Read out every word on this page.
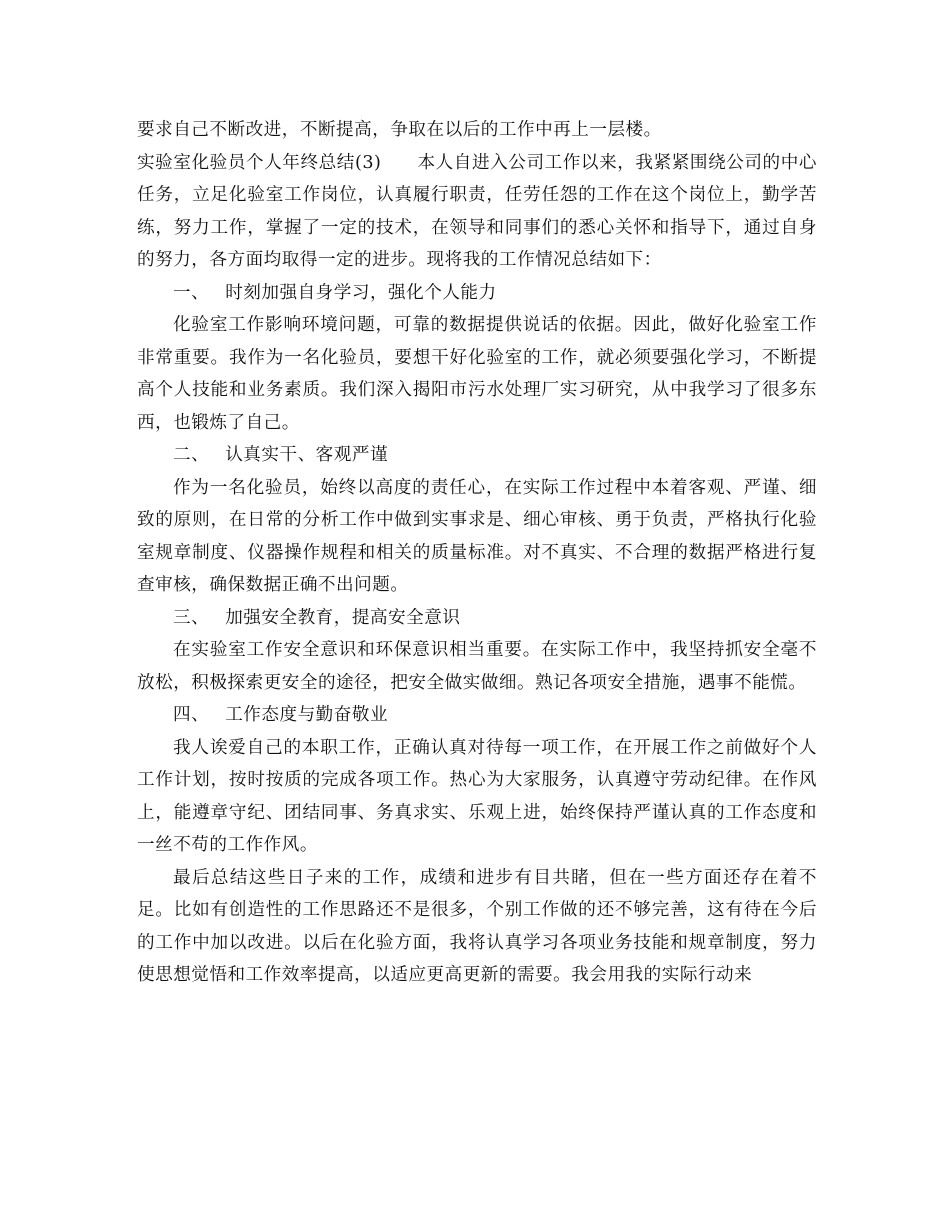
要求自己不断改进，不断提高，争取在以后的工作中再上一层楼。

实验室化验员个人年终总结(3) 本人自进入公司工作以来，我紧紧围绕公司的中心任务，立足化验室工作岗位，认真履行职责，任劳任怨的工作在这个岗位上，勤学苦练，努力工作，掌握了一定的技术，在领导和同事们的悉心关怀和指导下，通过自身的努力，各方面均取得一定的进步。现将我的工作情况总结如下：

一、 时刻加强自身学习，强化个人能力

化验室工作影响环境问题，可靠的数据提供说话的依据。因此，做好化验室工作非常重要。我作为一名化验员，要想干好化验室的工作，就必须要强化学习，不断提高个人技能和业务素质。我们深入揭阳市污水处理厂实习研究，从中我学习了很多东西，也锻炼了自己。

二、 认真实干、客观严谨

作为一名化验员，始终以高度的责任心，在实际工作过程中本着客观、严谨、细致的原则，在日常的分析工作中做到实事求是、细心审核、勇于负责，严格执行化验室规章制度、仪器操作规程和相关的质量标准。对不真实、不合理的数据严格进行复查审核，确保数据正确不出问题。

三、 加强安全教育，提高安全意识

在实验室工作安全意识和环保意识相当重要。在实际工作中，我坚持抓安全毫不放松，积极探索更安全的途径，把安全做实做细。熟记各项安全措施，遇事不能慌。

四、 工作态度与勤奋敬业

我人诶爱自己的本职工作，正确认真对待每一项工作，在开展工作之前做好个人工作计划，按时按质的完成各项工作。热心为大家服务，认真遵守劳动纪律。在作风上，能遵章守纪、团结同事、务真求实、乐观上进，始终保持严谨认真的工作态度和一丝不苟的工作作风。

最后总结这些日子来的工作，成绩和进步有目共睹，但在一些方面还存在着不足。比如有创造性的工作思路还不是很多，个别工作做的还不够完善，这有待在今后的工作中加以改进。以后在化验方面，我将认真学习各项业务技能和规章制度，努力使思想觉悟和工作效率提高，以适应更高更新的需要。我会用我的实际行动来
